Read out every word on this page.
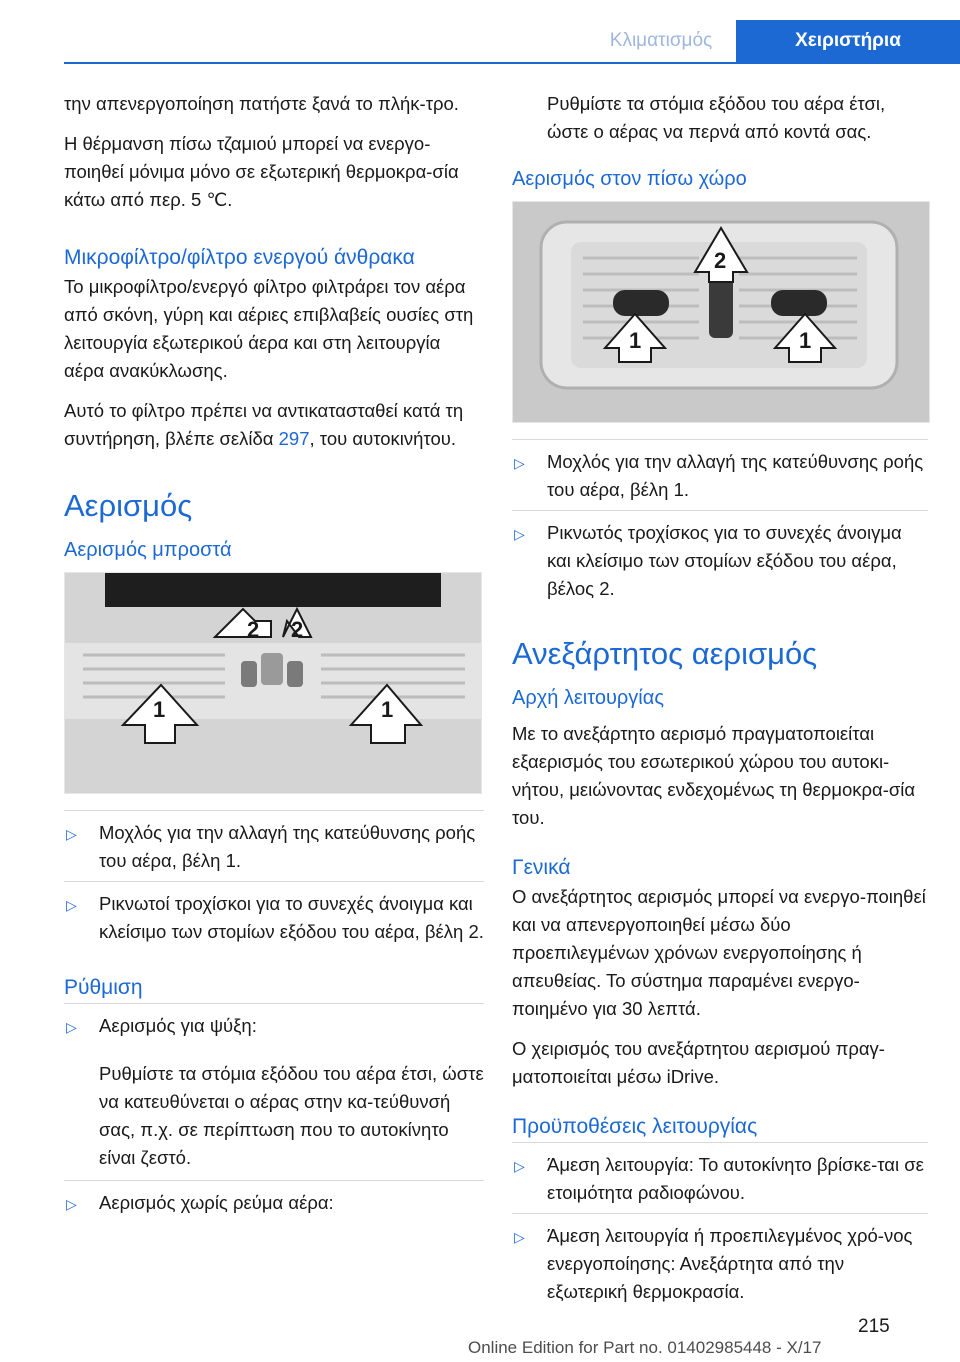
Κλιματισμός	Χειριστήρια

την απενεργοποίηση πατήστε ξανά το πλήκ-τρο.

Η θέρμανση πίσω τζαμιού μπορεί να ενεργο-ποιηθεί μόνιμα μόνο σε εξωτερική θερμοκρα-σία κάτω από περ. 5 ℃.

Μικροφίλτρο/φίλτρο ενεργού άνθρακα

Το μικροφίλτρο/ενεργό φίλτρο φιλτράρει τον αέρα από σκόνη, γύρη και αέριες επιβλαβείς ουσίες στη λειτουργία εξωτερικού άερα και στη λειτουργία αέρα ανακύκλωσης.

Αυτό το φίλτρο πρέπει να αντικατασταθεί κατά τη συντήρηση, βλέπε σελίδα 297, του αυτοκινήτου.

Αερισμός
Αερισμός μπροστά
2 2
1	1
▷ Μοχλός για την αλλαγή της κατεύθυνσης ροής του αέρα, βέλη 1.
▷ Ρικνωτοί τροχίσκοι για το συνεχές άνοιγμα και κλείσιμο των στομίων εξόδου του αέρα, βέλη 2.
Ρύθμιση
▷ Αερισμός για ψύξη:

Ρυθμίστε τα στόμια εξόδου του αέρα έτσι, ώστε να κατευθύνεται ο αέρας στην κα-τεύθυνσή σας, π.χ. σε περίπτωση που το αυτοκίνητο είναι ζεστό.

▷ Αερισμός χωρίς ρεύμα αέρα:

Ρυθμίστε τα στόμια εξόδου του αέρα έτσι, ώστε ο αέρας να περνά από κοντά σας.

Αερισμός στον πίσω χώρο
2
1	1
▷ Μοχλός για την αλλαγή της κατεύθυνσης ροής του αέρα, βέλη 1.
▷ Ρικνωτός τροχίσκος για το συνεχές άνοιγμα και κλείσιμο των στομίων εξόδου του αέρα, βέλος 2.
Ανεξάρτητος αερισμός
Αρχή λειτουργίας

Με το ανεξάρτητο αερισμό πραγματοποιείται εξαερισμός του εσωτερικού χώρου του αυτοκι-νήτου, μειώνοντας ενδεχομένως τη θερμοκρα-σία του.

Γενικά

Ο ανεξάρτητος αερισμός μπορεί να ενεργο-ποιηθεί και να απενεργοποιηθεί μέσω δύο προεπιλεγμένων χρόνων ενεργοποίησης ή απευθείας. Το σύστημα παραμένει ενεργο-ποιημένο για 30 λεπτά.

Ο χειρισμός του ανεξάρτητου αερισμού πραγ-ματοποιείται μέσω iDrive.

Προϋποθέσεις λειτουργίας
▷ Άμεση λειτουργία: Το αυτοκίνητο βρίσκε-ται σε ετοιμότητα ραδιοφώνου.
▷ Άμεση λειτουργία ή προεπιλεγμένος χρό-νος ενεργοποίησης: Ανεξάρτητα από την εξωτερική θερμοκρασία.
215
Online Edition for Part no. 01402985448 - X/17
